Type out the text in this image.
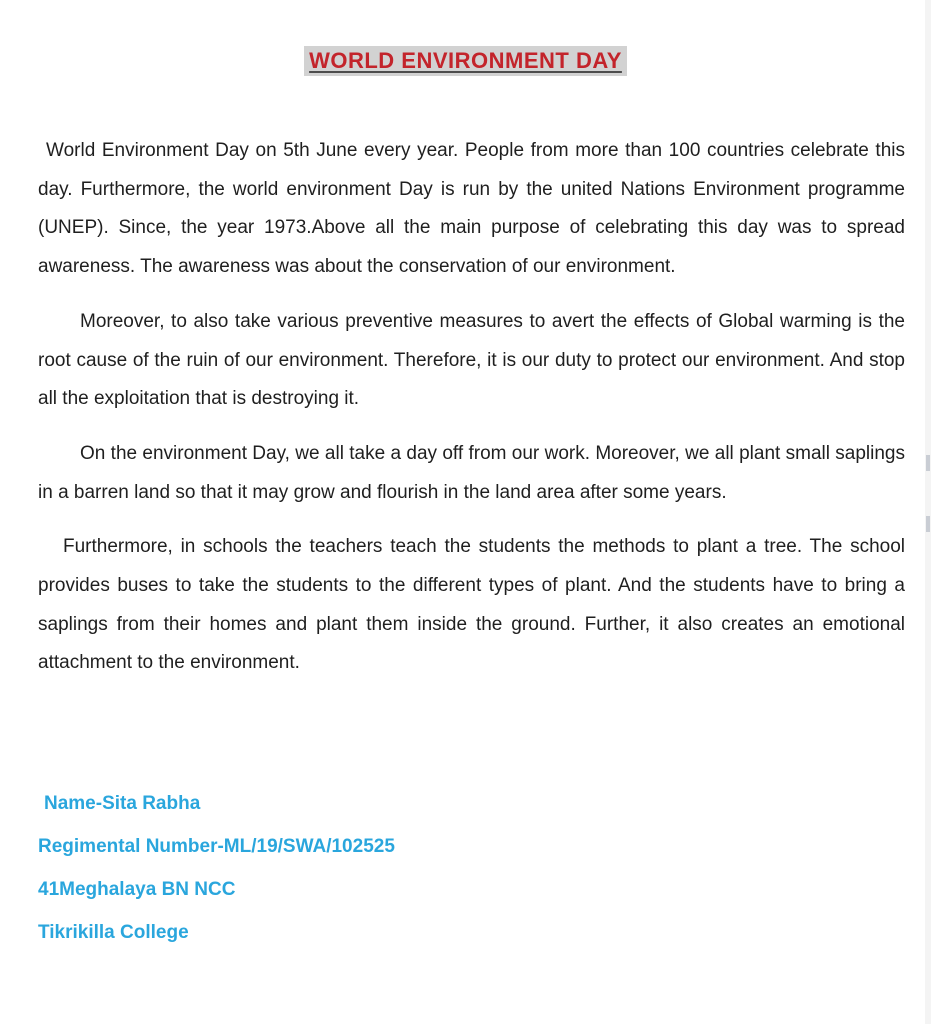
WORLD ENVIRONMENT DAY

World Environment Day on 5th June every year. People from more than 100 countries celebrate this day. Furthermore, the world environment Day is run by the united Nations Environment programme (UNEP). Since, the year 1973.Above all the main purpose of celebrating this day was to spread awareness. The awareness was about the conservation of our environment.

Moreover, to also take various preventive measures to avert the effects of Global warming is the root cause of the ruin of our environment. Therefore, it is our duty to protect our environment. And stop all the exploitation that is destroying it.

On the environment Day, we all take a day off from our work. Moreover, we all plant small saplings in a barren land so that it may grow and flourish in the land area after some years.

Furthermore, in schools the teachers teach the students the methods to plant a tree. The school provides buses to take the students to the different types of plant. And the students have to bring a saplings from their homes and plant them inside the ground. Further, it also creates an emotional attachment to the environment.

Name-Sita Rabha

Regimental Number-ML/19/SWA/102525

41Meghalaya BN NCC

Tikrikilla College
